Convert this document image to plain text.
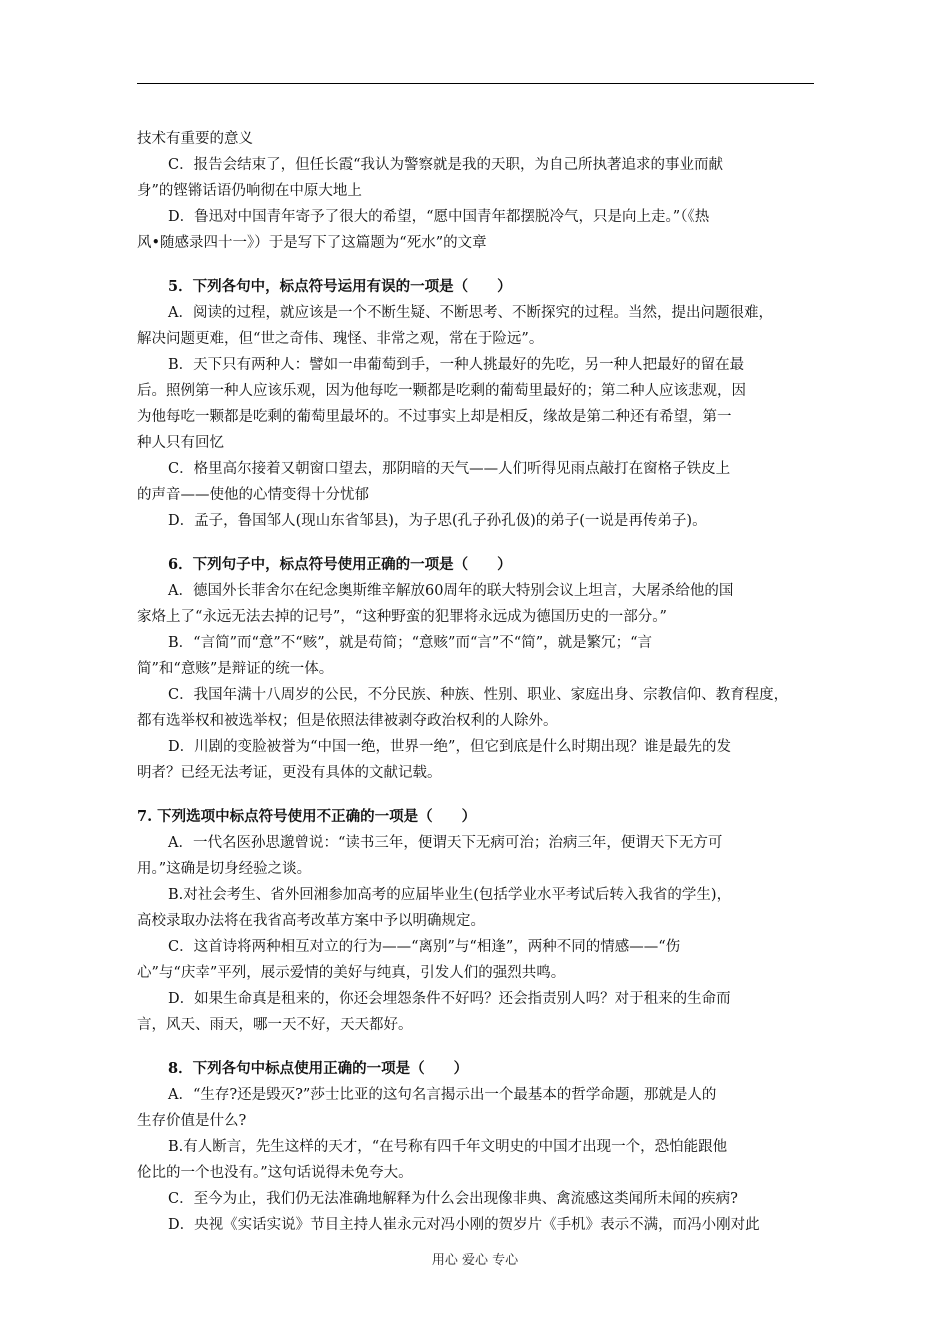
技术有重要的意义
C．报告会结束了，但任长霞“我认为警察就是我的天职，为自己所执著追求的事业而献
身”的铿锵话语仍响彻在中原大地上
D．鲁迅对中国青年寄予了很大的希望，“愿中国青年都摆脱冷气，只是向上走。”（《热
风•随感录四十一》）于是写下了这篇题为“死水”的文章
5．下列各句中，标点符号运用有误的一项是（　　）
A．阅读的过程，就应该是一个不断生疑、不断思考、不断探究的过程。当然，提出问题很难，
解决问题更难，但“世之奇伟、瑰怪、非常之观，常在于险远”。
B．天下只有两种人：譬如一串葡萄到手，一种人挑最好的先吃，另一种人把最好的留在最
后。照例第一种人应该乐观，因为他每吃一颗都是吃剩的葡萄里最好的；第二种人应该悲观，因
为他每吃一颗都是吃剩的葡萄里最坏的。不过事实上却是相反，缘故是第二种还有希望，第一
种人只有回忆
C．格里高尔接着又朝窗口望去，那阴暗的天气——人们听得见雨点敲打在窗格子铁皮上
的声音——使他的心情变得十分忧郁
D．孟子，鲁国邹人(现山东省邹县)，为子思(孔子孙孔伋)的弟子(一说是再传弟子)。
6．下列句子中，标点符号使用正确的一项是（　　）
A．德国外长菲舍尔在纪念奥斯维辛解放60周年的联大特别会议上坦言，大屠杀给他的国
家烙上了“永远无法去掉的记号”，“这种野蛮的犯罪将永远成为德国历史的一部分。”
B．“言简”而“意”不“赅”，就是苟简；“意赅”而“言”不“简”，就是繁冗；“言
简”和“意赅”是辩证的统一体。
C．我国年满十八周岁的公民，不分民族、种族、性别、职业、家庭出身、宗教信仰、教育程度，
都有选举权和被选举权；但是依照法律被剥夺政治权利的人除外。
D．川剧的变脸被誉为“中国一绝，世界一绝”，但它到底是什么时期出现？谁是最先的发
明者？已经无法考证，更没有具体的文献记载。
7. 下列选项中标点符号使用不正确的一项是（　　）
A．一代名医孙思邈曾说：“读书三年，便谓天下无病可治；治病三年，便谓天下无方可
用。”这确是切身经验之谈。
B.对社会考生、省外回湘参加高考的应届毕业生(包括学业水平考试后转入我省的学生)，
高校录取办法将在我省高考改革方案中予以明确规定。
C．这首诗将两种相互对立的行为——“离别”与“相逢”，两种不同的情感——“伤
心”与“庆幸”平列，展示爱情的美好与纯真，引发人们的强烈共鸣。
D．如果生命真是租来的，你还会埋怨条件不好吗？还会指责别人吗？对于租来的生命而
言，风天、雨天，哪一天不好，天天都好。
8．下列各句中标点使用正确的一项是（　　）
A．“生存?还是毁灭?”莎士比亚的这句名言揭示出一个最基本的哲学命题，那就是人的
生存价值是什么?
B.有人断言，先生这样的天才，“在号称有四千年文明史的中国才出现一个，恐怕能跟他
伦比的一个也没有。”这句话说得未免夸大。
C．至今为止，我们仍无法准确地解释为什么会出现像非典、禽流感这类闻所未闻的疾病?
D．央视《实话实说》节目主持人崔永元对冯小刚的贺岁片《手机》表示不满，而冯小刚对此
用心 爱心 专心
